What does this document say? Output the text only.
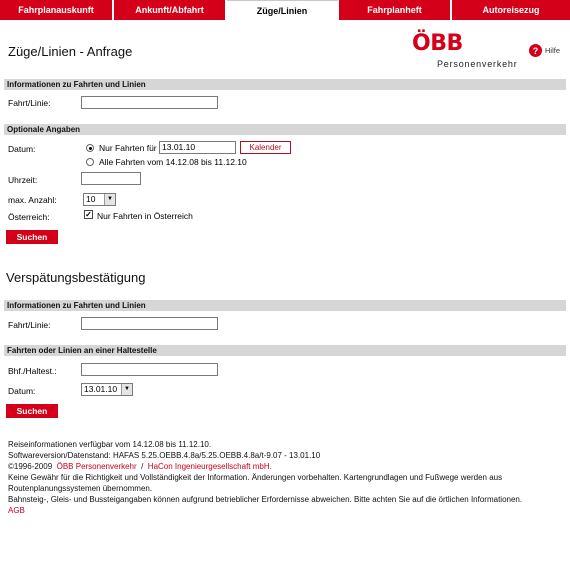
Fahrplanauskunft	Ankunft/Abfahrt	Züge/Linien	Fahrplanheft	Autoreisezug
Züge/Linien - Anfrage	ÖBB
Personenverkehr
? Hilfe
Informationen zu Fahrten und Linien
Fahrt/Linie:
Optionale Angaben
Datum:	Nur Fahrten für 13.01.10	Kalender
Alle Fahrten vom 14.12.08 bis 11.12.10
Uhrzeit:
max. Anzahl:	10	▼
Österreich:	✓ Nur Fahrten in Österreich
Suchen
Verspätungsbestätigung
Informationen zu Fahrten und Linien
Fahrt/Linie:
Fahrten oder Linien an einer Haltestelle
Bhf./Haltest.:
Datum:	13.01.10	▼
Suchen
Reiseinformationen verfügbar vom 14.12.08 bis 11.12.10.
Softwareversion/Datenstand: HAFAS 5.25.OEBB.4.8a/5.25.OEBB.4.8a/t-9.07 - 13.01.10
©1996-2009 ÖBB Personenverkehr / HaCon Ingenieurgesellschaft mbH.
Keine Gewähr für die Richtigkeit und Vollständigkeit der Information. Änderungen vorbehalten. Kartengrundlagen und Fußwege werden aus
Routenplanungssystemen übernommen.
Bahnsteig-, Gleis- und Bussteigangaben können aufgrund betrieblicher Erfordernisse abweichen. Bitte achten Sie auf die örtlichen Informationen.
AGB
